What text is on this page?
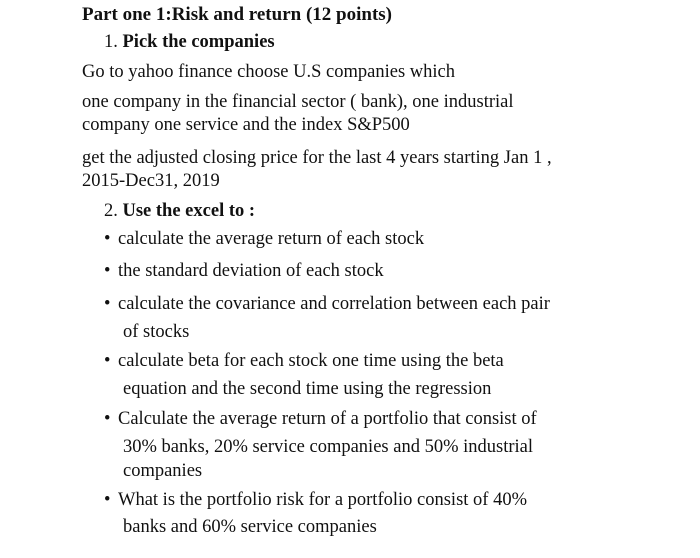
Part one 1:Risk and return (12 points)
1. Pick the companies
Go to yahoo finance choose U.S companies which
one company in the financial sector ( bank), one industrial
company one service and the index S&P500
get the adjusted closing price for the last 4 years starting Jan 1 ,
2015-Dec31, 2019
2. Use the excel to :
• calculate the average return of each stock
• the standard deviation of each stock
• calculate the covariance and correlation between each pair
of stocks
• calculate beta for each stock one time using the beta
equation and the second time using the regression
• Calculate the average return of a portfolio that consist of
30% banks, 20% service companies and 50% industrial
companies
• What is the portfolio risk for a portfolio consist of 40%
banks and 60% service companies
